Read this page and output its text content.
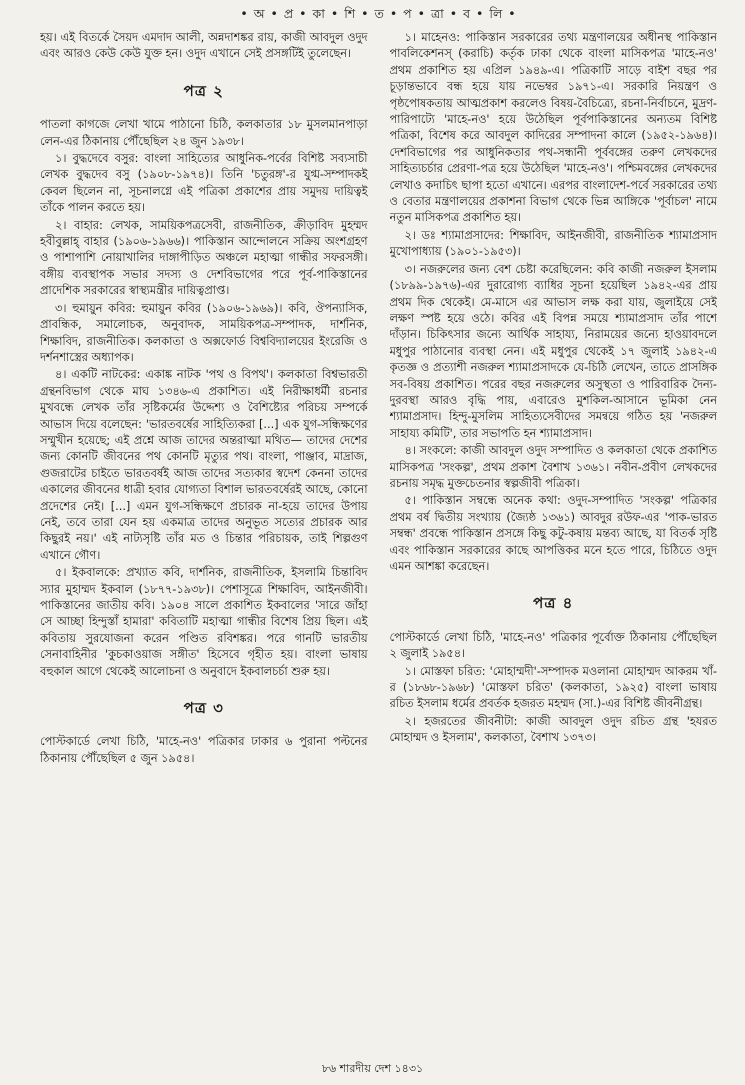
• অ • প্র • কা • শি • ত • প • ত্রা • ব • লি •

হয়। এই বিতর্কে সৈয়দ এমদাদ আলী, অন্নদাশঙ্কর রায়, কাজী আবদুল ওদুদ এবং আরও কেউ কেউ যুক্ত হন। ওদুদ এখানে সেই প্রসঙ্গটিই তুলেছেন।

পত্র ২

পাতলা কাগজে লেখা খামে পাঠানো চিঠি, কলকাতার ১৮ মুসলমানপাড়া লেন-এর ঠিকানায় পৌঁছেছিল ২৪ জুন ১৯৩৮।

১। বুদ্ধদেবে বসুর: বাংলা সাহিত্যের আধুনিক-পর্বের বিশিষ্ট সব্যসাচী লেখক বুদ্ধদেব বসু (১৯০৮-১৯৭৪)। তিনি 'চতুরঙ্গ'-র যুগ্ম-সম্পাদকই কেবল ছিলেন না, সূচনালগ্নে এই পত্রিকা প্রকাশের প্রায় সমুদয় দায়িত্বই তাঁকে পালন করতে হয়।

২। বাহার: লেখক, সাময়িকপত্রসেবী, রাজনীতিক, ক্রীড়াবিদ মুহম্মদ হবীবুল্লাহ্‌ বাহার (১৯০৬-১৯৬৬)। পাকিস্তান আন্দোলনে সক্রিয় অংশগ্রহণ ও পাশাপাশি নোয়াখালির দাঙ্গাপীড়িত অঞ্চলে মহাত্মা গান্ধীর সফরসঙ্গী। বঙ্গীয় ব্যবস্থাপক সভার সদস্য ও দেশবিভাগের পরে পূর্ব-পাকিস্তানের প্রাদেশিক সরকারের স্বাস্থ্যমন্ত্রীর দায়িত্বপ্রাপ্ত।

৩। হুমায়ুন কবির: হুমায়ুন কবির (১৯০৬-১৯৬৯)। কবি, ঔপন্যাসিক, প্রাবন্ধিক, সমালোচক, অনুবাদক, সাময়িকপত্র-সম্পাদক, দার্শনিক, শিক্ষাবিদ, রাজনীতিক। কলকাতা ও অক্সফোর্ড বিশ্ববিদ্যালয়ের ইংরেজি ও দর্শনশাস্ত্রের অধ্যাপক।

৪। একটি নাটকের: একাঙ্ক নাটক 'পথ ও বিপথ'। কলকাতা বিশ্বভারতী গ্রন্থনবিভাগ থেকে মাঘ ১৩৪৬-এ প্রকাশিত। এই নিরীক্ষাধর্মী রচনার মুখবন্ধে লেখক তাঁর সৃষ্টিকর্মের উদ্দেশ্য ও বৈশিষ্ট্যের পরিচয় সম্পর্কে আভাস দিয়ে বলেছেন: 'ভারতবর্ষের সাহিত্যিকরা [...] এক যুগ-সন্ধিক্ষণের সম্মুখীন হয়েছে; এই প্রশ্নে আজ তাদের অন্তরাত্মা মথিত— তাদের দেশের জন্য কোনটি জীবনের পথ কোনটি মৃত্যুর পথ। বাংলা, পাঞ্জাব, মাদ্রাজ, গুজরাটের চাইতে ভারতবর্ষই আজ তাদের সত্যকার স্বদেশ কেননা তাদের একালের জীবনের ধাত্রী হবার যোগ্যতা বিশাল ভারতবর্ষেরই আছে, কোনো প্রদেশের নেই। [...] এমন যুগ-সন্ধিক্ষণে প্রচারক না-হয়ে তাদের উপায় নেই, তবে তারা যেন হয় একমাত্র তাদের অনুভূত সত্যের প্রচারক আর কিছুরই নয়।' এই নাট্যসৃষ্টি তাঁর মত ও চিন্তার পরিচায়ক, তাই শিল্পগুণ এখানে গৌণ।

৫। ইকবালকে: প্রখ্যাত কবি, দার্শনিক, রাজনীতিক, ইসলামি চিন্তাবিদ স্যার মুহাম্মদ ইকবাল (১৮৭৭-১৯৩৮)। পেশাসূত্রে শিক্ষাবিদ, আইনজীবী। পাকিস্তানের জাতীয় কবি। ১৯০৪ সালে প্রকাশিত ইকবালের 'সারে জাঁহা সে আচ্ছা হিন্দুস্তাঁ হামারা' কবিতাটি মহাত্মা গান্ধীর বিশেষ প্রিয় ছিল। এই কবিতায় সুরযোজনা করেন পণ্ডিত রবিশঙ্কর। পরে গানটি ভারতীয় সেনাবাহিনীর 'কুচকাওয়াজ সঙ্গীত' হিসেবে গৃহীত হয়। বাংলা ভাষায় বহুকাল আগে থেকেই আলোচনা ও অনুবাদে ইকবালচর্চা শুরু হয়।

পত্র ৩

পোস্টকার্ডে লেখা চিঠি, 'মাহে-নও' পত্রিকার ঢাকার ৬ পুরানা পল্টনের ঠিকানায় পৌঁছেছিল ৫ জুন ১৯৫৪।

১। মাহেনও: পাকিস্তান সরকারের তথ্য মন্ত্রণালয়ের অধীনস্থ পাকিস্তান পাবলিকেশনস্‌ (করাচি) কর্তৃক ঢাকা থেকে বাংলা মাসিকপত্র 'মাহে-নও' প্রথম প্রকাশিত হয় এপ্রিল ১৯৪৯-এ। পত্রিকাটি সাড়ে বাইশ বছর পর চূড়ান্তভাবে বন্ধ হয়ে যায় নভেম্বর ১৯৭১-এ। সরকারি নিয়ন্ত্রণ ও পৃষ্ঠপোষকতায় আত্মপ্রকাশ করলেও বিষয়-বৈচিত্র্যে, রচনা-নির্বাচনে, মুদ্রণ-পারিপাট্যে 'মাহে-নও' হয়ে উঠেছিল পূর্বপাকিস্তানের অন্যতম বিশিষ্ট পত্রিকা, বিশেষ করে আবদুল কাদিরের সম্পাদনা কালে (১৯৫২-১৯৬৪)। দেশবিভাগের পর আধুনিকতার পথ-সন্ধানী পূর্ববঙ্গের তরুণ লেখকদের সাহিত্যচর্চার প্রেরণা-পত্র হয়ে উঠেছিল 'মাহে-নও'। পশ্চিমবঙ্গের লেখকদের লেখাও কদাচিৎ ছাপা হতো এখানে। এরপর বাংলাদেশ-পর্বে সরকারের তথ্য ও বেতার মন্ত্রণালয়ের প্রকাশনা বিভাগ থেকে ভিন্ন আঙ্গিকে 'পূর্বাচল' নামে নতুন মাসিকপত্র প্রকাশিত হয়।

২। ডঃ শ্যামাপ্রসাদের: শিক্ষাবিদ, আইনজীবী, রাজনীতিক শ্যামাপ্রসাদ মুখোপাধ্যায় (১৯০১-১৯৫৩)।

৩। নজরুলের জন্য বেশ চেষ্টা করেছিলেন: কবি কাজী নজরুল ইসলাম (১৮৯৯-১৯৭৬)-এর দুরারোগ্য ব্যাধির সূচনা হয়েছিল ১৯৪২-এর প্রায় প্রথম দিক থেকেই। মে-মাসে এর আভাস লক্ষ করা যায়, জুলাইয়ে সেই লক্ষণ স্পষ্ট হয়ে ওঠে। কবির এই বিপন্ন সময়ে শ্যামাপ্রসাদ তাঁর পাশে দাঁড়ান। চিকিৎসার জন্যে আর্থিক সাহায্য, নিরাময়ের জন্যে হাওয়াবদলে মধুপুর পাঠানোর ব্যবস্থা নেন। এই মধুপুর থেকেই ১৭ জুলাই ১৯৪২-এ কৃতজ্ঞ ও প্রত্যাশী নজরুল শ্যামাপ্রসাদকে যে-চিঠি লেখেন, তাতে প্রাসঙ্গিক সব-বিষয় প্রকাশিত। পরের বছর নজরুলের অসুস্থতা ও পারিবারিক দৈন্য-দুরবস্থা আরও বৃদ্ধি পায়, এবারেও মুশকিল-আসানে ভূমিকা নেন শ্যামাপ্রসাদ। হিন্দু-মুসলিম সাহিত্যসেবীদের সমন্বয়ে গঠিত হয় 'নজরুল সাহায্য কমিটি', তার সভাপতি হন শ্যামাপ্রসাদ।

৪। সংকলে: কাজী আবদুল ওদুদ সম্পাদিত ও কলকাতা থেকে প্রকাশিত মাসিকপত্র 'সংকল্প', প্রথম প্রকাশ বৈশাখ ১৩৬১। নবীন-প্রবীণ লেখকদের রচনায় সমৃদ্ধ মুক্তচেতনার স্বল্পজীবী পত্রিকা।

৫। পাকিস্তান সম্বন্ধে অনেক কথা: ওদুদ-সম্পাদিত 'সংকল্প' পত্রিকার প্রথম বর্ষ দ্বিতীয় সংখ্যায় (জ্যৈষ্ঠ ১৩৬১) আবদুর রউফ-এর 'পাক-ভারত সম্বন্ধ' প্রবন্ধে পাকিস্তান প্রসঙ্গে কিছু কটু-কষায় মন্তব্য আছে, যা বিতর্ক সৃষ্টি এবং পাকিস্তান সরকারের কাছে আপত্তিকর মনে হতে পারে, চিঠিতে ওদুদ এমন আশঙ্কা করেছেন।

পত্র ৪

পোস্টকার্ডে লেখা চিঠি, 'মাহে-নও' পত্রিকার পূর্বোক্ত ঠিকানায় পৌঁছেছিল ২ জুলাই ১৯৫৪।

১। মোস্তফা চরিত: 'মোহাম্মদী'-সম্পাদক মওলানা মোহাম্মদ আকরম খাঁ-র (১৮৬৮-১৯৬৮) 'মোস্তফা চরিত' (কলকাতা, ১৯২৫) বাংলা ভাষায় রচিত ইসলাম ধর্মের প্রবর্তক হজরত মহম্মদ (সা.)-এর বিশিষ্ট জীবনীগ্রন্থ।

২। হজরতের জীবনীটা: কাজী আবদুল ওদুদ রচিত গ্রন্থ 'হযরত মোহাম্মদ ও ইসলাম', কলকাতা, বৈশাখ ১৩৭৩।

৮৬ শারদীয় দেশ ১৪৩১
